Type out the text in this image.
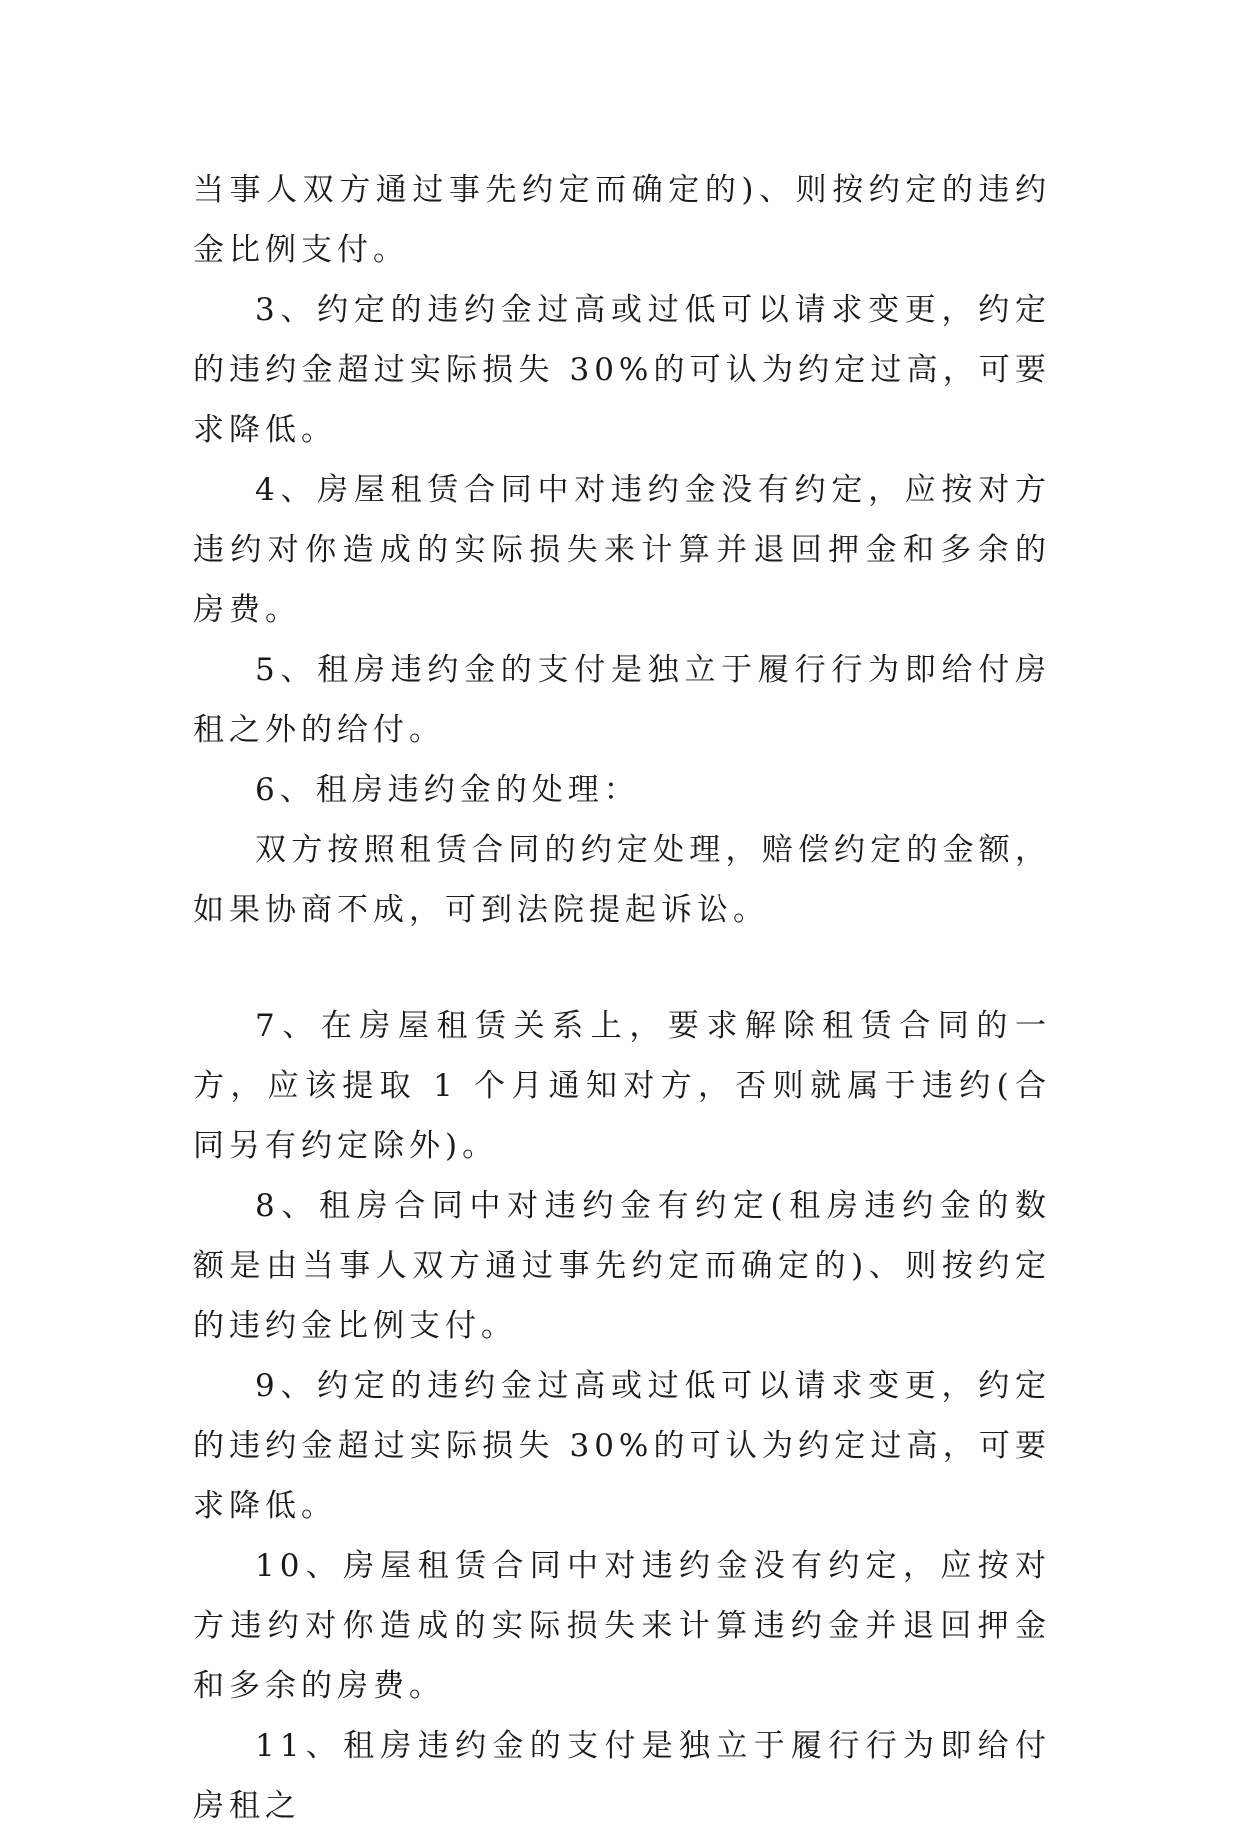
当事人双方通过事先约定而确定的)、则按约定的违约金比例支付。

3、约定的违约金过高或过低可以请求变更，约定的违约金超过实际损失 30%的可认为约定过高，可要求降低。

4、房屋租赁合同中对违约金没有约定，应按对方违约对你造成的实际损失来计算并退回押金和多余的房费。

5、租房违约金的支付是独立于履行行为即给付房租之外的给付。

6、租房违约金的处理：

双方按照租赁合同的约定处理，赔偿约定的金额，如果协商不成，可到法院提起诉讼。

7、在房屋租赁关系上，要求解除租赁合同的一方，应该提取 1 个月通知对方，否则就属于违约(合同另有约定除外)。

8、租房合同中对违约金有约定(租房违约金的数额是由当事人双方通过事先约定而确定的)、则按约定的违约金比例支付。

9、约定的违约金过高或过低可以请求变更，约定的违约金超过实际损失 30%的可认为约定过高，可要求降低。

10、房屋租赁合同中对违约金没有约定，应按对方违约对你造成的实际损失来计算违约金并退回押金和多余的房费。

11、租房违约金的支付是独立于履行行为即给付房租之
